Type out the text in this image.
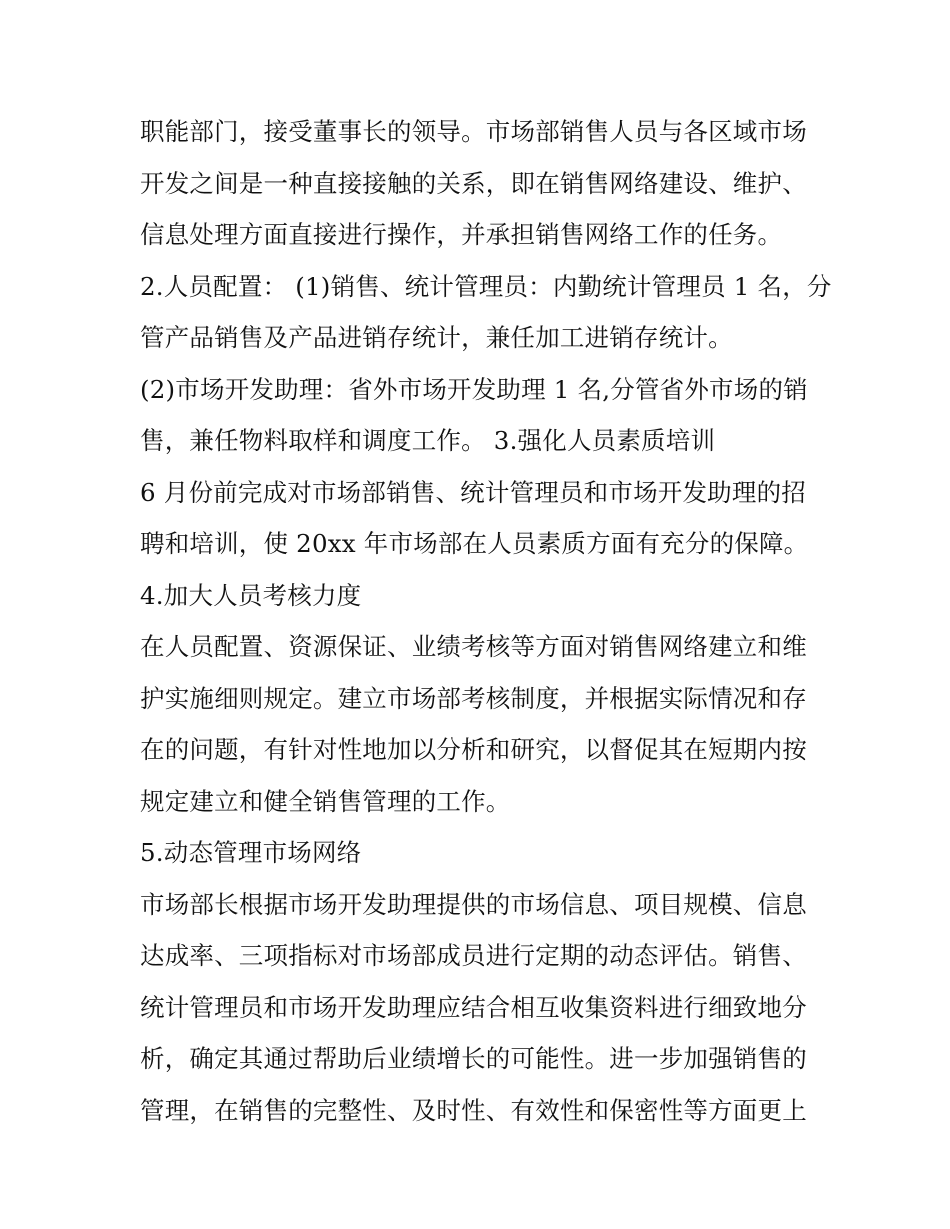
职能部门，接受董事长的领导。市场部销售人员与各区域市场
开发之间是一种直接接触的关系，即在销售网络建设、维护、
信息处理方面直接进行操作，并承担销售网络工作的任务。
2.人员配置： (1)销售、统计管理员：内勤统计管理员 1 名，分
管产品销售及产品进销存统计，兼任加工进销存统计。
(2)市场开发助理：省外市场开发助理 1 名,分管省外市场的销
售，兼任物料取样和调度工作。 3.强化人员素质培训
6 月份前完成对市场部销售、统计管理员和市场开发助理的招
聘和培训，使 20xx 年市场部在人员素质方面有充分的保障。
4.加大人员考核力度
在人员配置、资源保证、业绩考核等方面对销售网络建立和维
护实施细则规定。建立市场部考核制度，并根据实际情况和存
在的问题，有针对性地加以分析和研究，以督促其在短期内按
规定建立和健全销售管理的工作。
5.动态管理市场网络
市场部长根据市场开发助理提供的市场信息、项目规模、信息
达成率、三项指标对市场部成员进行定期的动态评估。销售、
统计管理员和市场开发助理应结合相互收集资料进行细致地分
析，确定其通过帮助后业绩增长的可能性。进一步加强销售的
管理，在销售的完整性、及时性、有效性和保密性等方面更上
